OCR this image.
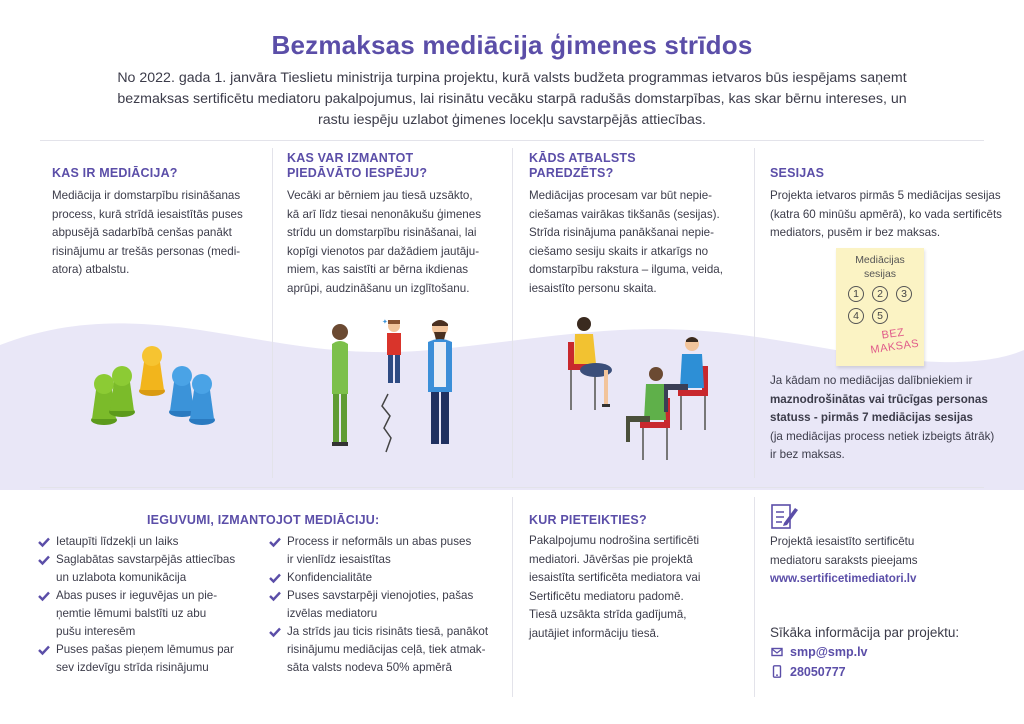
Bezmaksas mediācija ģimenes strīdos
No 2022. gada 1. janvāra Tieslietu ministrija turpina projektu, kurā valsts budžeta programmas ietvaros būs iespējams saņemt
bezmaksas sertificētu mediatoru pakalpojumus, lai risinātu vecāku starpā radušās domstarpības, kas skar bērnu intereses, un
rastu iespēju uzlabot ģimenes locekļu savstarpējās attiecības.
KAS IR MEDIĀCIJA?
Mediācija ir domstarpību risināšanas
process, kurā strīdā iesaistītās puses
abpusējā sadarbībā cenšas panākt
risinājumu ar trešās personas (medi-
atora) atbalstu.
KAS VAR IZMANTOT
PIEDĀVĀTO IESPĒJU?
Vecāki ar bērniem jau tiesā uzsākto,
kā arī līdz tiesai nenonākušu ģimenes
strīdu un domstarpību risināšanai, lai
kopīgi vienotos par dažādiem jautāju-
miem, kas saistīti ar bērna ikdienas
aprūpi, audzināšanu un izglītošanu.
✦
KĀDS ATBALSTS
PAREDZĒTS?
Mediācijas procesam var būt nepie-
ciešamas vairākas tikšanās (sesijas).
Strīda risinājuma panākšanai nepie-
ciešamo sesiju skaits ir atkarīgs no
domstarpību rakstura – ilguma, veida,
iesaistīto personu skaita.
SESIJAS
Projekta ietvaros pirmās 5 mediācijas sesijas
(katra 60 minūšu apmērā), ko vada sertificēts
mediators, pusēm ir bez maksas.
Mediācijas
sesijas
1	2	3
4	5
BEZ
MAKSAS
Ja kādam no mediācijas dalībniekiem ir
maznodrošinātas vai trūcīgas personas
statuss - pirmās 7 mediācijas sesijas
(ja mediācijas process netiek izbeigts ātrāk)
ir bez maksas.
IEGUVUMI, IZMANTOJOT MEDIĀCIJU:
Ietaupīti līdzekļi un laiks
Saglabātas savstarpējās attiecības
un uzlabota komunikācija
Abas puses ir ieguvējas un pie-
ņemtie lēmumi balstīti uz abu
pušu interesēm
Puses pašas pieņem lēmumus par
sev izdevīgu strīda risinājumu
Process ir neformāls un abas puses
ir vienlīdz iesaistītas
Konfidencialitāte
Puses savstarpēji vienojoties, pašas
izvēlas mediatoru
Ja strīds jau ticis risināts tiesā, panākot
risinājumu mediācijas ceļā, tiek atmak-
sāta valsts nodeva 50% apmērā
KUR PIETEIKTIES?
Pakalpojumu nodrošina sertificēti
mediatori. Jāvēršas pie projektā
iesaistīta sertificēta mediatora vai
Sertificētu mediatoru padomē.
Tiesā uzsākta strīda gadījumā,
jautājiet informāciju tiesā.
Projektā iesaistīto sertificētu
mediatoru saraksts pieejams
www.sertificetimediatori.lv
Sīkāka informācija par projektu:
smp@smp.lv
28050777
